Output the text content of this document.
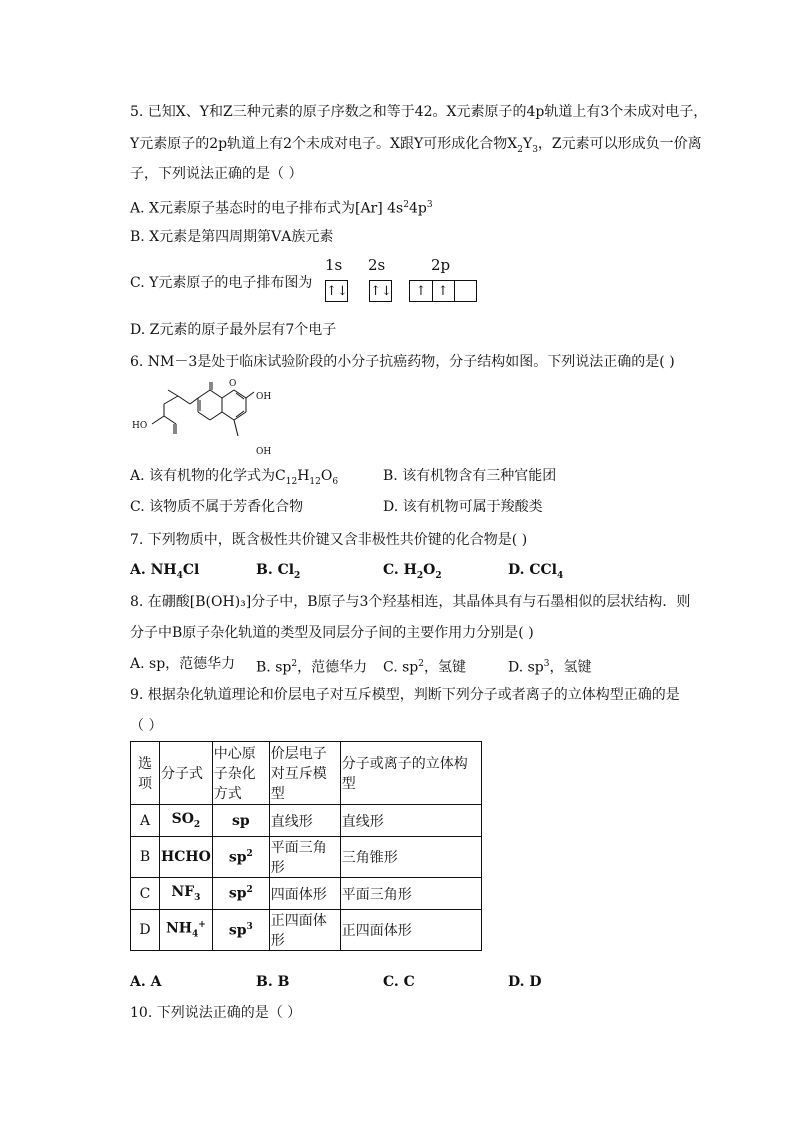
5. 已知X、Y和Z三种元素的原子序数之和等于42。X元素原子的4p轨道上有3个未成对电子，
Y元素原子的2p轨道上有2个未成对电子。X跟Y可形成化合物$X_2Y_3$，Z元素可以形成负一价离
子，下列说法正确的是（ ）
A. X元素原子基态时的电子排布式为[Ar] $4s^24p^3$
B. X元素是第四周期第ⅤA族元素
C. Y元素原子的电子排布图为
1s 2s	2p
↑↓ ↑↓	↑ ↑
D. Z元素的原子最外层有7个电子
6. NM－3是处于临床试验阶段的小分子抗癌药物，分子结构如图。下列说法正确的是( )
HO
O
OH
OH
A. 该有机物的化学式为$C_{12}H_{12}O_6$	B. 该有机物含有三种官能团
C. 该物质不属于芳香化合物	D. 该有机物可属于羧酸类
7. 下列物质中，既含极性共价键又含非极性共价键的化合物是( )
A. $NH_4Cl$	B. $Cl_2$	C. $H_2O_2$	D. CCl$_4$
8. 在硼酸[B(OH)₃]分子中，B原子与3个羟基相连，其晶体具有与石墨相似的层状结构．则
分子中B原子杂化轨道的类型及同层分子间的主要作用力分别是( )
A. sp，范德华力 B. $sp^2$，范德华力 C. $sp^2$，氢键	D. $sp^3$，氢键
9. 根据杂化轨道理论和价层电子对互斥模型，判断下列分子或者离子的立体构型正确的是
（ ）
选项	分子式	中心原子杂化方式	价层电子对互斥模型	分子或离子的立体构型
A	$SO_2$	sp	直线形	直线形
B	HCHO	$sp^2$	平面三角形	三角锥形
C	$NF_3$	$sp^2$	四面体形	平面三角形
D	$NH_4^+$	$sp^3$	正四面体形	正四面体形
A. A	B. B	C. C	D. D
10. 下列说法正确的是（ ）
